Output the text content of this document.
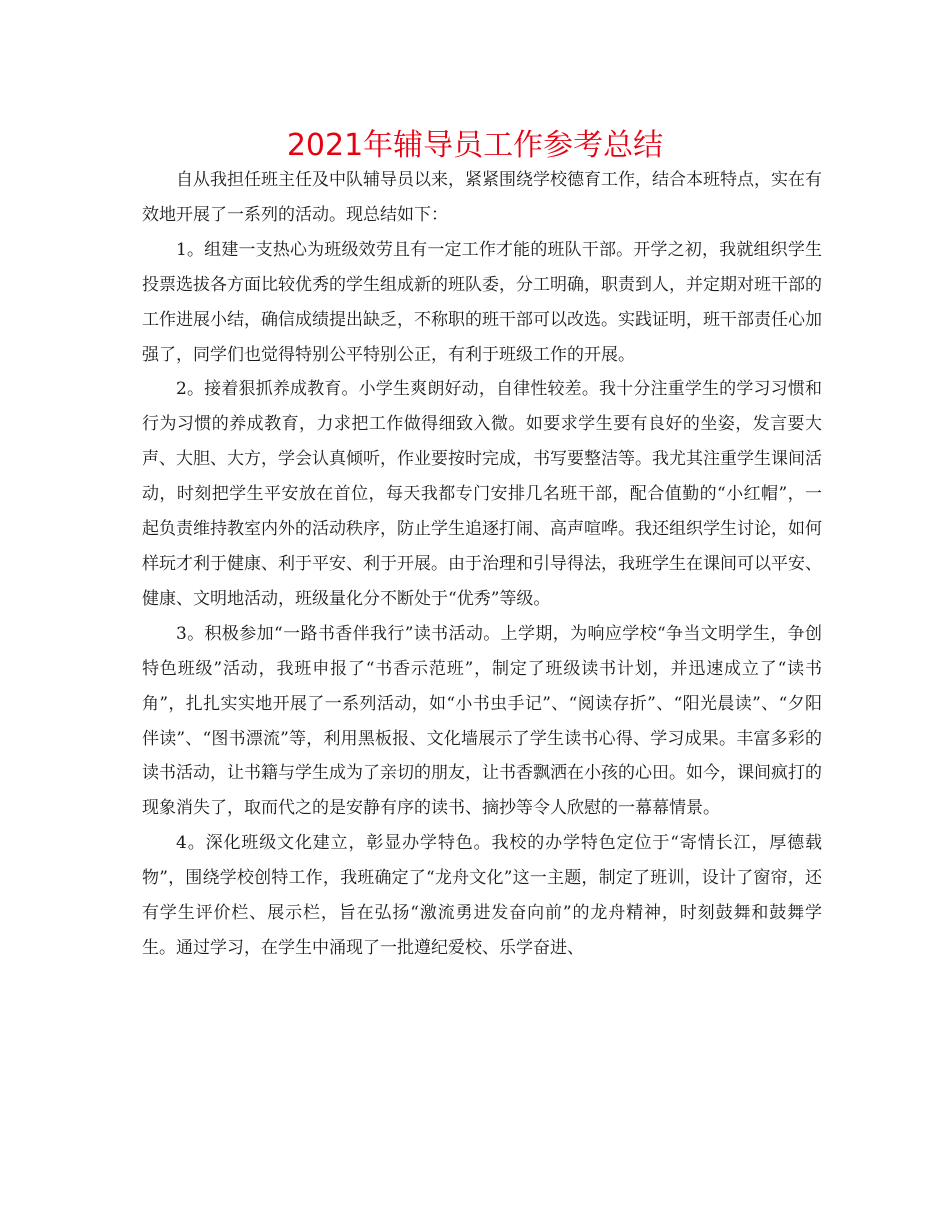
2021年辅导员工作参考总结

自从我担任班主任及中队辅导员以来，紧紧围绕学校德育工作，结合本班特点，实在有效地开展了一系列的活动。现总结如下：

1。组建一支热心为班级效劳且有一定工作才能的班队干部。开学之初，我就组织学生投票选拔各方面比较优秀的学生组成新的班队委，分工明确，职责到人，并定期对班干部的工作进展小结，确信成绩提出缺乏，不称职的班干部可以改选。实践证明，班干部责任心加强了，同学们也觉得特别公平特别公正，有利于班级工作的开展。

2。接着狠抓养成教育。小学生爽朗好动，自律性较差。我十分注重学生的学习习惯和行为习惯的养成教育，力求把工作做得细致入微。如要求学生要有良好的坐姿，发言要大声、大胆、大方，学会认真倾听，作业要按时完成，书写要整洁等。我尤其注重学生课间活动，时刻把学生平安放在首位，每天我都专门安排几名班干部，配合值勤的“小红帽”，一起负责维持教室内外的活动秩序，防止学生追逐打闹、高声喧哗。我还组织学生讨论，如何样玩才利于健康、利于平安、利于开展。由于治理和引导得法，我班学生在课间可以平安、健康、文明地活动，班级量化分不断处于“优秀”等级。

3。积极参加“一路书香伴我行”读书活动。上学期，为响应学校“争当文明学生，争创特色班级”活动，我班申报了“书香示范班”，制定了班级读书计划，并迅速成立了“读书角”，扎扎实实地开展了一系列活动，如“小书虫手记”、“阅读存折”、“阳光晨读”、“夕阳伴读”、“图书漂流”等，利用黑板报、文化墙展示了学生读书心得、学习成果。丰富多彩的读书活动，让书籍与学生成为了亲切的朋友，让书香飘洒在小孩的心田。如今，课间疯打的现象消失了，取而代之的是安静有序的读书、摘抄等令人欣慰的一幕幕情景。

4。深化班级文化建立，彰显办学特色。我校的办学特色定位于“寄情长江，厚德载物”，围绕学校创特工作，我班确定了“龙舟文化”这一主题，制定了班训，设计了窗帘，还有学生评价栏、展示栏，旨在弘扬“激流勇进发奋向前”的龙舟精神，时刻鼓舞和鼓舞学生。通过学习，在学生中涌现了一批遵纪爱校、乐学奋进、
